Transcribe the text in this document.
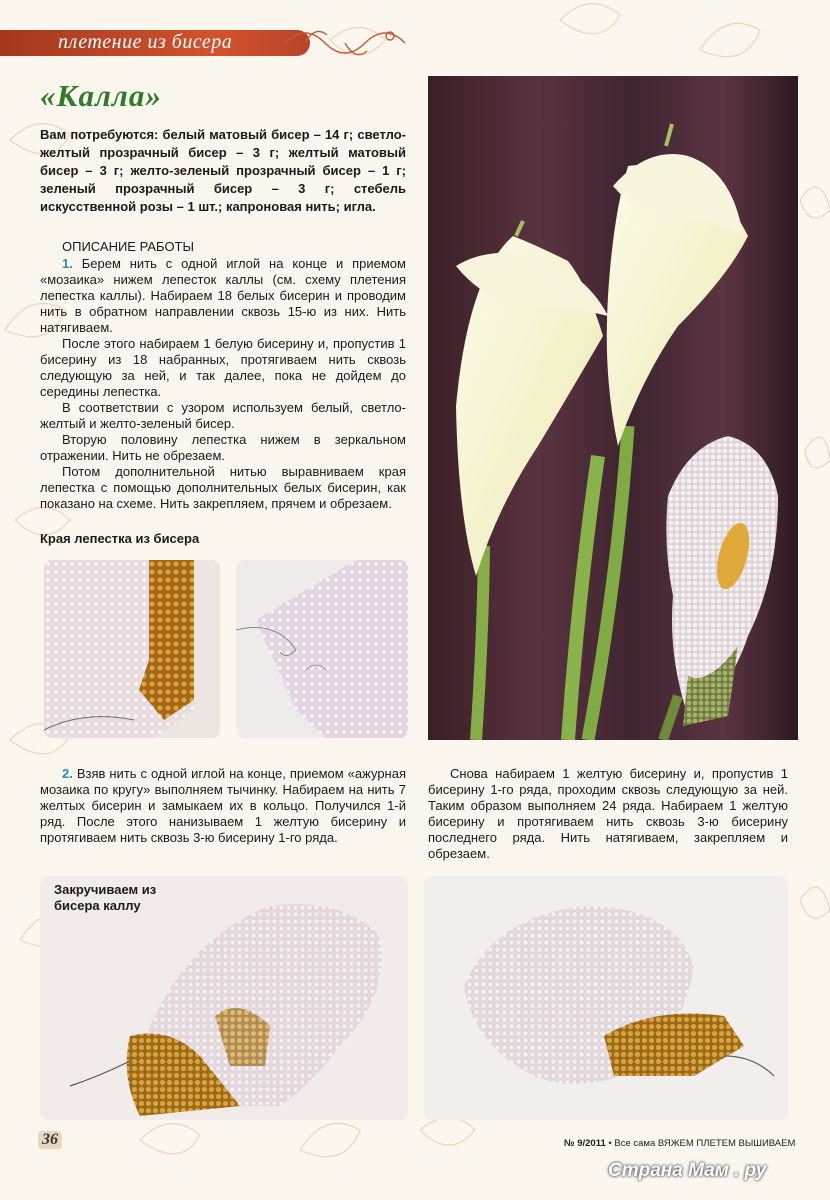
плетение из бисера
«Калла»
Вам потребуются: белый матовый бисер – 14 г; светло-желтый прозрачный бисер – 3 г; желтый матовый бисер – 3 г; желто-зеленый прозрачный бисер – 1 г; зеленый прозрачный бисер – 3 г; стебель искусственной розы – 1 шт.; капроновая нить; игла.
ОПИСАНИЕ РАБОТЫ

1. Берем нить с одной иглой на конце и приемом «мозаика» нижем лепесток каллы (см. схему плетения лепестка каллы). Набираем 18 белых бисерин и проводим нить в обратном направлении сквозь 15-ю из них. Нить натягиваем.

После этого набираем 1 белую бисерину и, пропустив 1 бисерину из 18 набранных, протягиваем нить сквозь следующую за ней, и так далее, пока не дойдем до середины лепестка.

В соответствии с узором используем белый, светло-желтый и желто-зеленый бисер.

Вторую половину лепестка нижем в зеркальном отражении. Нить не обрезаем.

Потом дополнительной нитью выравниваем края лепестка с помощью дополнительных белых бисерин, как показано на схеме. Нить закрепляем, прячем и обрезаем.

Края лепестка из бисера

2. Взяв нить с одной иглой на конце, приемом «ажурная мозаика по кругу» выполняем тычинку. Набираем на нить 7 желтых бисерин и замыкаем их в кольцо. Получился 1-й ряд. После этого нанизываем 1 желтую бисерину и протягиваем нить сквозь 3-ю бисерину 1-го ряда.

Снова набираем 1 желтую бисерину и, пропустив 1 бисерину 1-го ряда, проходим сквозь следующую за ней. Таким образом выполняем 24 ряда. Набираем 1 желтую бисерину и протягиваем нить сквозь 3-ю бисерину последнего ряда. Нить натягиваем, закрепляем и обрезаем.

Закручиваем из бисера каллу
36	№ 9/2011 • Все сама ВЯЖЕМ ПЛЕТЕМ ВЫШИВАЕМ
Страна Мам . ру
